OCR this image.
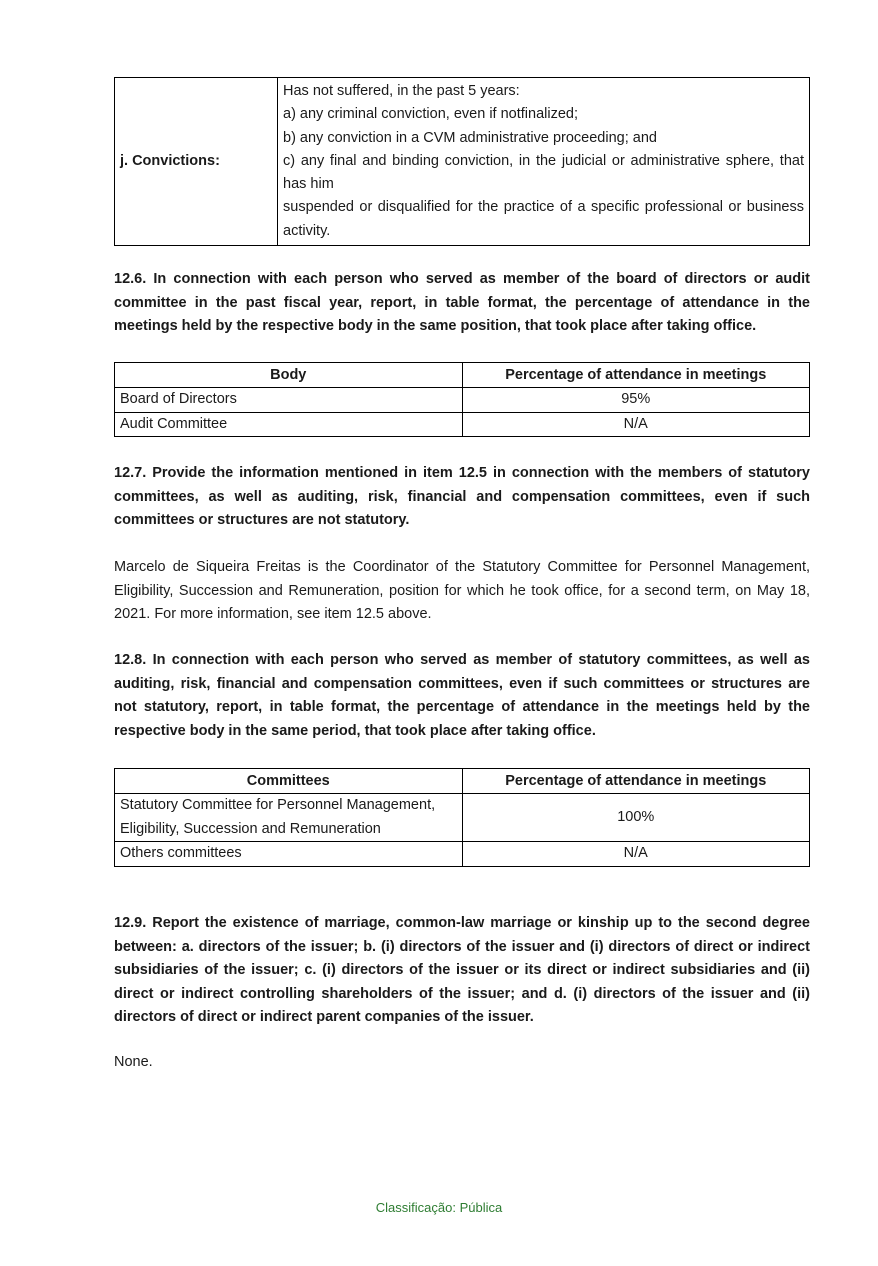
j. Convictions:	
Has not suffered, in the past 5 years:
a) any criminal conviction, even if notfinalized;
b) any conviction in a CVM administrative proceeding; and
c) any final and binding conviction, in the judicial or administrative sphere, that has him
suspended or disqualified for the practice of a specific professional or business activity.
12.6. In connection with each person who served as member of the board of directors or audit committee in the past fiscal year, report, in table format, the percentage of attendance in the meetings held by the respective body in the same position, that took place after taking office.
Body	Percentage of attendance in meetings
Board of Directors	95%
Audit Committee	N/A
12.7. Provide the information mentioned in item 12.5 in connection with the members of statutory committees, as well as auditing, risk, financial and compensation committees, even if such committees or structures are not statutory.
Marcelo de Siqueira Freitas is the Coordinator of the Statutory Committee for Personnel Management, Eligibility, Succession and Remuneration, position for which he took office, for a second term, on May 18, 2021. For more information, see item 12.5 above.
12.8. In connection with each person who served as member of statutory committees, as well as auditing, risk, financial and compensation committees, even if such committees or structures are not statutory, report, in table format, the percentage of attendance in the meetings held by the respective body in the same period, that took place after taking office.
Committees	Percentage of attendance in meetings
Statutory Committee for Personnel Management, Eligibility, Succession and Remuneration	100%
Others committees	N/A
12.9. Report the existence of marriage, common-law marriage or kinship up to the second degree between: a. directors of the issuer; b. (i) directors of the issuer and (i) directors of direct or indirect subsidiaries of the issuer; c. (i) directors of the issuer or its direct or indirect subsidiaries and (ii) direct or indirect controlling shareholders of the issuer; and d. (i) directors of the issuer and (ii) directors of direct or indirect parent companies of the issuer.
None.
Classificação: Pública
